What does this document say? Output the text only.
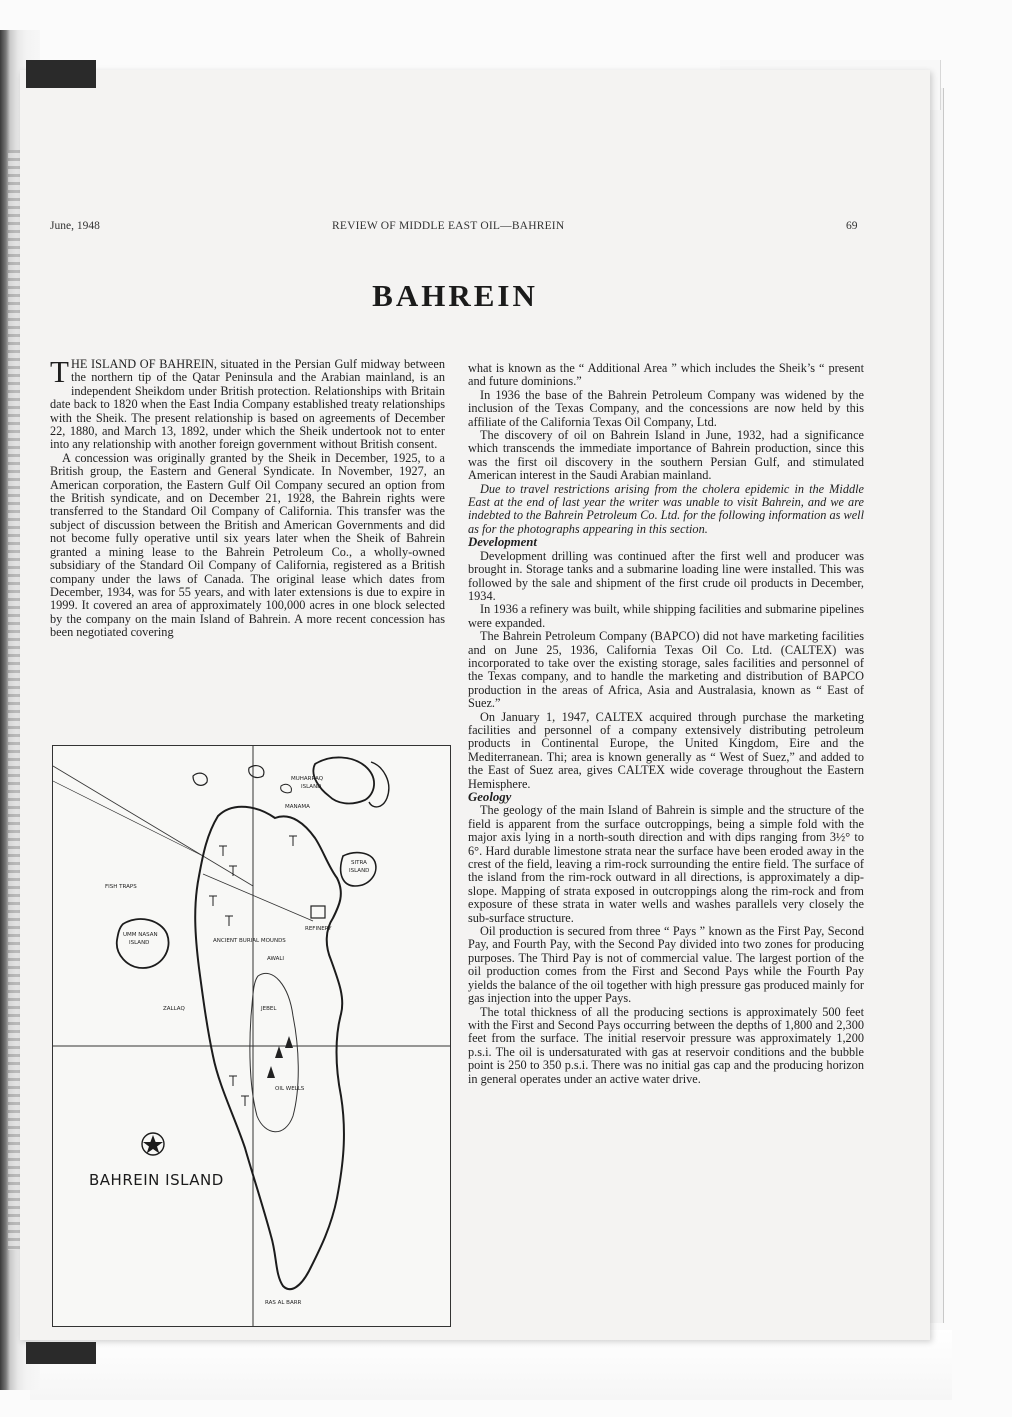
June, 1948	REVIEW OF MIDDLE EAST OIL—BAHREIN	69
BAHREIN

THE ISLAND OF BAHREIN, situated in the Persian Gulf midway between the northern tip of the Qatar Peninsula and the Arabian mainland, is an independent Sheikdom under British protection. Relationships with Britain date back to 1820 when the East India Company established treaty relationships with the Sheik. The present relationship is based on agreements of December 22, 1880, and March 13, 1892, under which the Sheik undertook not to enter into any relationship with another foreign government without British consent.

A concession was originally granted by the Sheik in December, 1925, to a British group, the Eastern and General Syndicate. In November, 1927, an American corporation, the Eastern Gulf Oil Company secured an option from the British syndicate, and on December 21, 1928, the Bahrein rights were transferred to the Standard Oil Company of California. This transfer was the subject of discussion between the British and American Governments and did not become fully operative until six years later when the Sheik of Bahrein granted a mining lease to the Bahrein Petroleum Co., a wholly-owned subsidiary of the Standard Oil Company of California, registered as a British company under the laws of Canada. The original lease which dates from December, 1934, was for 55 years, and with later extensions is due to expire in 1999. It covered an area of approximately 100,000 acres in one block selected by the company on the main Island of Bahrein. A more recent concession has been negotiated covering

MUHARRAQ
ISLAND
MANAMA
SITRA
ISLAND
UMM NASAN
ISLAND
ZALLAQ
AWALI
JEBEL
REFINERY
OIL WELLS
FISH TRAPS
ANCIENT BURIAL MOUNDS
RAS AL BARR
BAHREIN ISLAND

what is known as the “ Additional Area ” which includes the Sheik’s “ present and future dominions.”

In 1936 the base of the Bahrein Petroleum Company was widened by the inclusion of the Texas Company, and the concessions are now held by this affiliate of the California Texas Oil Company, Ltd.

The discovery of oil on Bahrein Island in June, 1932, had a significance which transcends the immediate importance of Bahrein production, since this was the first oil discovery in the southern Persian Gulf, and stimulated American interest in the Saudi Arabian mainland.

Due to travel restrictions arising from the cholera epidemic in the Middle East at the end of last year the writer was unable to visit Bahrein, and we are indebted to the Bahrein Petroleum Co. Ltd. for the following information as well as for the photographs appearing in this section.

Development

Development drilling was continued after the first well and producer was brought in. Storage tanks and a submarine loading line were installed. This was followed by the sale and shipment of the first crude oil products in December, 1934.

In 1936 a refinery was built, while shipping facilities and submarine pipelines were expanded.

The Bahrein Petroleum Company (BAPCO) did not have marketing facilities and on June 25, 1936, California Texas Oil Co. Ltd. (CALTEX) was incorporated to take over the existing storage, sales facilities and personnel of the Texas company, and to handle the marketing and distribution of BAPCO production in the areas of Africa, Asia and Australasia, known as “ East of Suez.”

On January 1, 1947, CALTEX acquired through purchase the marketing facilities and personnel of a company extensively distributing petroleum products in Continental Europe, the United Kingdom, Eire and the Mediterranean. Thi; area is known generally as “ West of Suez,” and added to the East of Suez area, gives CALTEX wide coverage throughout the Eastern Hemisphere.

Geology

The geology of the main Island of Bahrein is simple and the structure of the field is apparent from the surface outcroppings, being a simple fold with the major axis lying in a north-south direction and with dips ranging from 3½° to 6°. Hard durable limestone strata near the surface have been eroded away in the crest of the field, leaving a rim-rock surrounding the entire field. The surface of the island from the rim-rock outward in all directions, is approximately a dip-slope. Mapping of strata exposed in outcroppings along the rim-rock and from exposure of these strata in water wells and washes parallels very closely the sub-surface structure.

Oil production is secured from three “ Pays ” known as the First Pay, Second Pay, and Fourth Pay, with the Second Pay divided into two zones for producing purposes. The Third Pay is not of commercial value. The largest portion of the oil production comes from the First and Second Pays while the Fourth Pay yields the balance of the oil together with high pressure gas produced mainly for gas injection into the upper Pays.

The total thickness of all the producing sections is approximately 500 feet with the First and Second Pays occurring between the depths of 1,800 and 2,300 feet from the surface. The initial reservoir pressure was approximately 1,200 p.s.i. The oil is undersaturated with gas at reservoir conditions and the bubble point is 250 to 350 p.s.i. There was no initial gas cap and the producing horizon in general operates under an active water drive.
